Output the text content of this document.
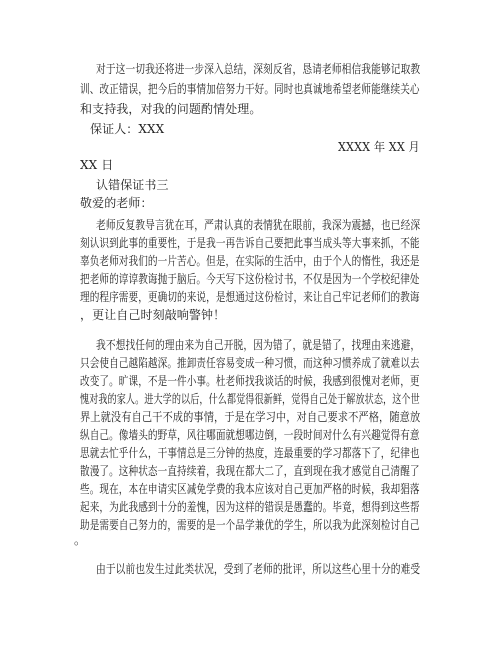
对于这一切我还将进一步深入总结，深刻反省，恳请老师相信我能够记取教
训、改正错误，把今后的事情加倍努力干好。同时也真诚地希望老师能继续关心
和支持我，对我的问题酌情处理。
保证人：XXX
XXXX 年 XX 月
XX 日
认错保证书三
敬爱的老师：
老师反复教导言犹在耳，严肃认真的表情犹在眼前，我深为震撼，也已经深
刻认识到此事的重要性，于是我一再告诉自己要把此事当成头等大事来抓，不能
辜负老师对我们的一片苦心。但是，在实际的生活中，由于个人的惰性，我还是
把老师的谆谆教诲抛于脑后。今天写下这份检讨书，不仅是因为一个学校纪律处
理的程序需要，更确切的来说，是想通过这份检讨，来让自己牢记老师们的教诲
，更让自己时刻敲响警钟！
我不想找任何的理由来为自己开脱，因为错了，就是错了，找理由来逃避，
只会使自己越陷越深。推卸责任容易变成一种习惯，而这种习惯养成了就难以去
改变了。旷课，不是一件小事。杜老师找我谈话的时候，我感到很愧对老师，更
愧对我的家人。进大学的以后，什么都觉得很新鲜，觉得自己处于解放状态，这个世
界上就没有自己干不成的事情，于是在学习中，对自己要求不严格，随意放
纵自己。像墙头的野草，风往哪面就想哪边倒，一段时间对什么有兴趣觉得有意
思就去忙乎什么，干事情总是三分钟的热度，连最重要的学习都落下了，纪律也
散漫了。这种状态一直持续着，我现在都大二了，直到现在我才感觉自己清醒了
些。现在，本在申请实区减免学费的我本应该对自己更加严格的时候，我却猖落
起来，为此我感到十分的羞愧，因为这样的错误是愚蠢的。毕竟，想得到这些帮
助是需要自己努力的，需要的是一个品学兼优的学生，所以我为此深刻检讨自己
。
由于以前也发生过此类状况，受到了老师的批评，所以这些心里十分的难受
